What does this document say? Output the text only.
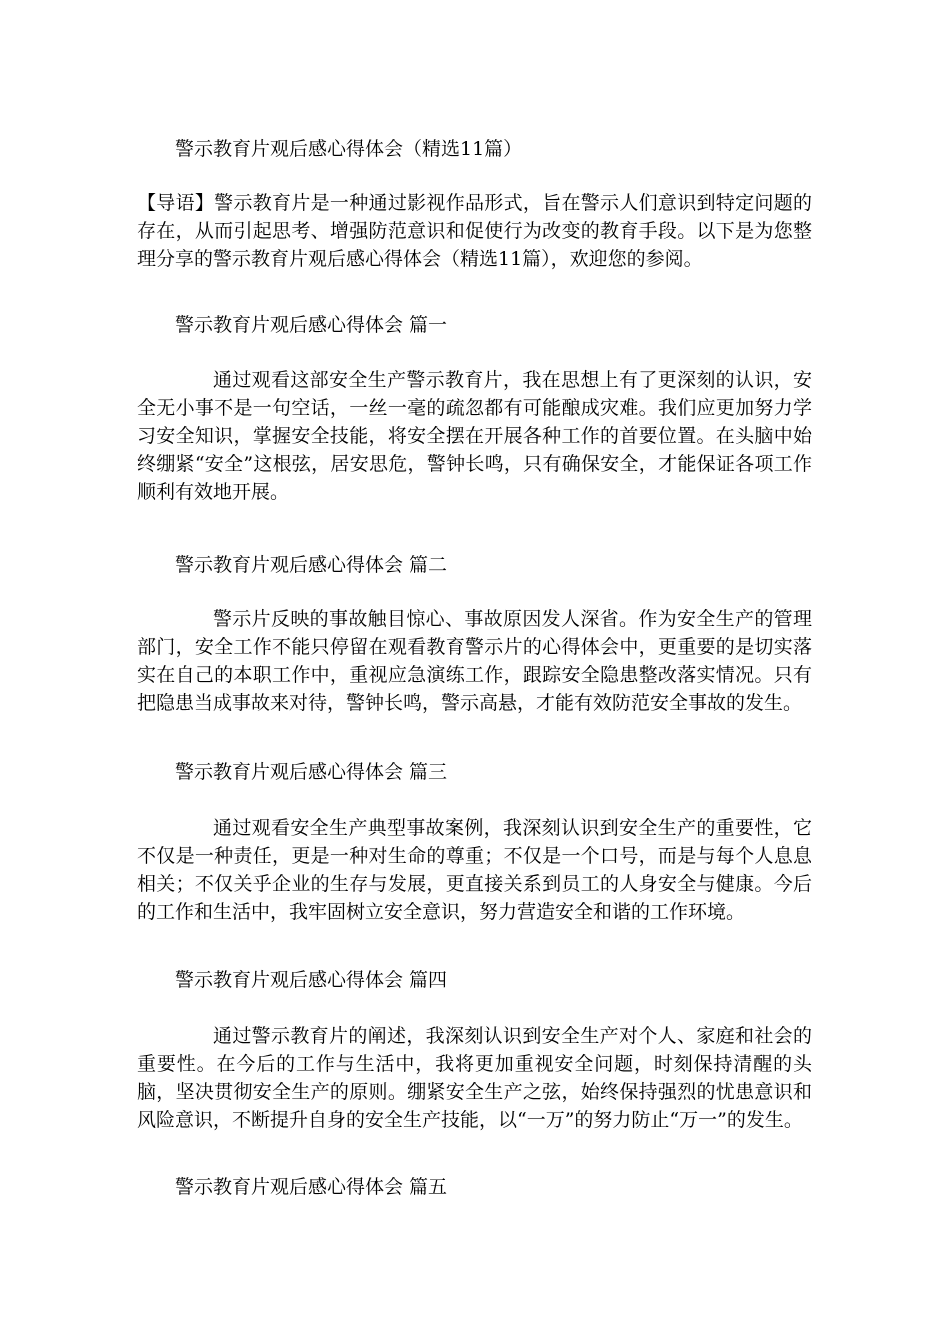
警示教育片观后感心得体会（精选11篇）

【导语】警示教育片是一种通过影视作品形式，旨在警示人们意识到特定问题的存在，从而引起思考、增强防范意识和促使行为改变的教育手段。以下是为您整理分享的警示教育片观后感心得体会（精选11篇），欢迎您的参阅。

警示教育片观后感心得体会 篇一

通过观看这部安全生产警示教育片，我在思想上有了更深刻的认识，安全无小事不是一句空话，一丝一毫的疏忽都有可能酿成灾难。我们应更加努力学习安全知识，掌握安全技能，将安全摆在开展各种工作的首要位置。在头脑中始终绷紧“安全”这根弦，居安思危，警钟长鸣，只有确保安全，才能保证各项工作顺利有效地开展。

警示教育片观后感心得体会 篇二

警示片反映的事故触目惊心、事故原因发人深省。作为安全生产的管理部门，安全工作不能只停留在观看教育警示片的心得体会中，更重要的是切实落实在自己的本职工作中，重视应急演练工作，跟踪安全隐患整改落实情况。只有把隐患当成事故来对待，警钟长鸣，警示高悬，才能有效防范安全事故的发生。

警示教育片观后感心得体会 篇三

通过观看安全生产典型事故案例，我深刻认识到安全生产的重要性，它不仅是一种责任，更是一种对生命的尊重；不仅是一个口号，而是与每个人息息相关；不仅关乎企业的生存与发展，更直接关系到员工的人身安全与健康。今后的工作和生活中，我牢固树立安全意识，努力营造安全和谐的工作环境。

警示教育片观后感心得体会 篇四

通过警示教育片的阐述，我深刻认识到安全生产对个人、家庭和社会的重要性。在今后的工作与生活中，我将更加重视安全问题，时刻保持清醒的头脑，坚决贯彻安全生产的原则。绷紧安全生产之弦，始终保持强烈的忧患意识和风险意识，不断提升自身的安全生产技能，以“一万”的努力防止“万一”的发生。

警示教育片观后感心得体会 篇五
